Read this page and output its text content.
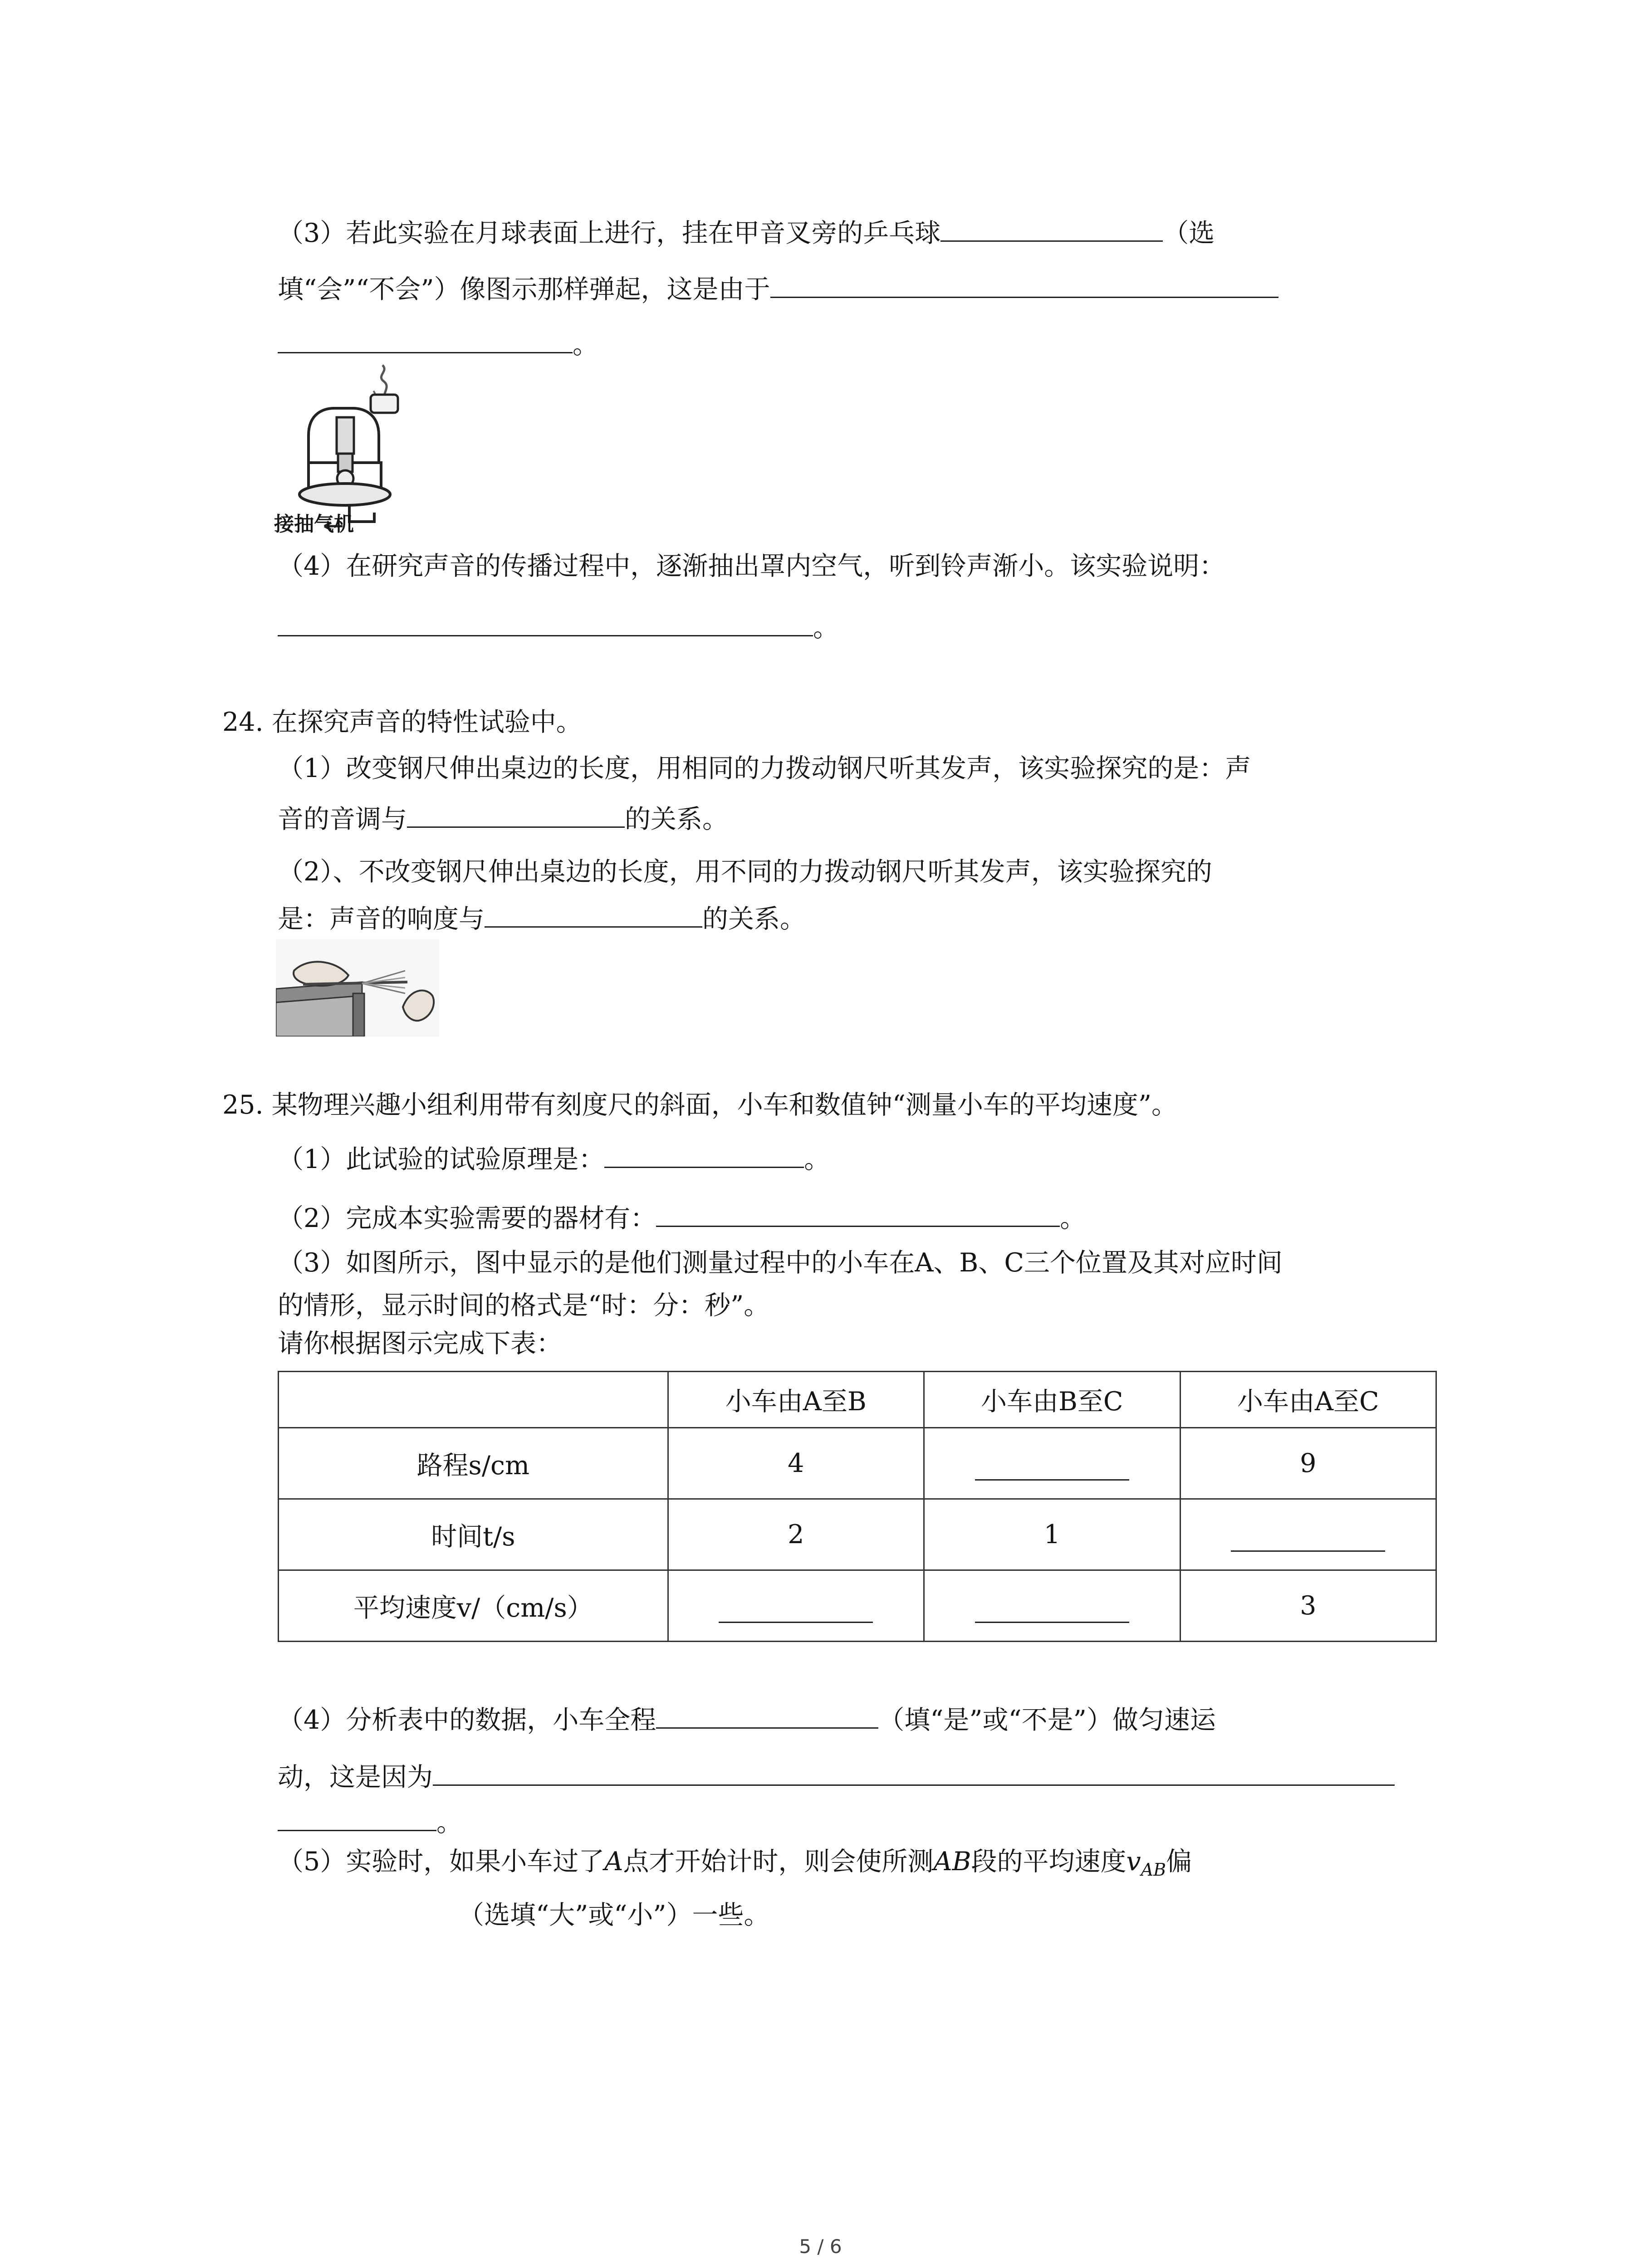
（3）若此实验在月球表面上进行，挂在甲音叉旁的乒乓球	（选
填“会”“不会”）像图示那样弹起，这是由于
。
接抽气机
（4）在研究声音的传播过程中，逐渐抽出罩内空气，听到铃声渐小。该实验说明：
。
24. 在探究声音的特性试验中。
（1）改变钢尺伸出桌边的长度，用相同的力拨动钢尺听其发声，该实验探究的是：声
音的音调与	的关系。
（2）、不改变钢尺伸出桌边的长度，用不同的力拨动钢尺听其发声，该实验探究的
是：声音的响度与	的关系。
25. 某物理兴趣小组利用带有刻度尺的斜面，小车和数值钟“测量小车的平均速度”。
（1）此试验的试验原理是：	。
（2）完成本实验需要的器材有：	。
（3）如图所示，图中显示的是他们测量过程中的小车在A、B、C三个位置及其对应时间
的情形，显示时间的格式是“时：分：秒”。
请你根据图示完成下表：
	小车由A至B	小车由B至C	小车由A至C
路程s/cm	4		9
时间t/s	2	1	
平均速度v/（cm/s）			3
（4）分析表中的数据，小车全程	（填“是”或“不是”）做匀速运
动，这是因为
。
（5）实验时，如果小车过了A点才开始计时，则会使所测AB段的平均速度$v_{AB}$偏
（选填“大”或“小”）一些。
5 / 6
